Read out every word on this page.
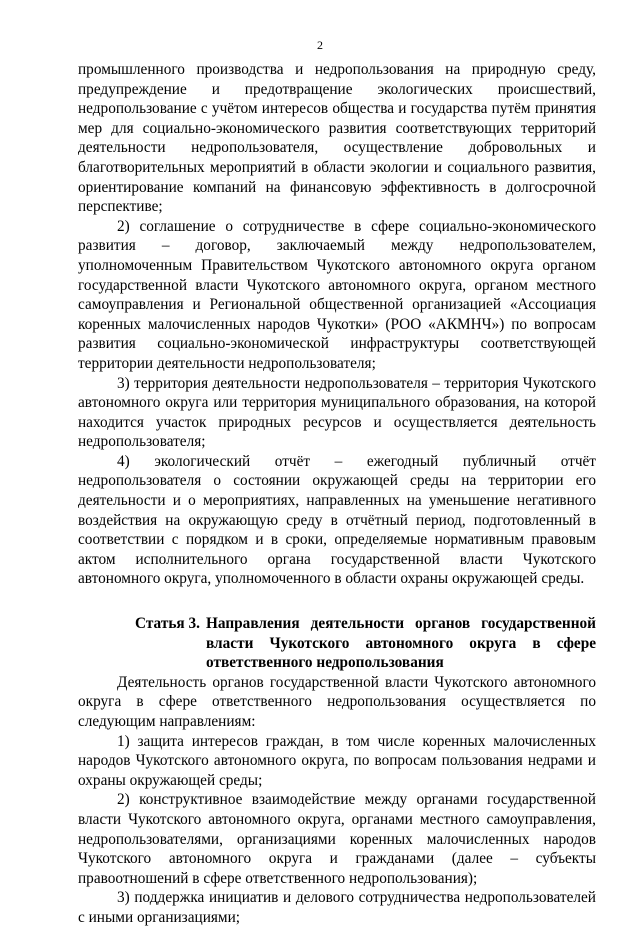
2

промышленного производства и недропользования на природную среду, предупреждение и предотвращение экологических происшествий, недропользование с учётом интересов общества и государства путём принятия мер для социально-экономического развития соответствующих территорий деятельности недропользователя, осуществление добровольных и благотворительных мероприятий в области экологии и социального развития, ориентирование компаний на финансовую эффективность в долгосрочной перспективе;

2) соглашение о сотрудничестве в сфере социально-экономического развития – договор, заключаемый между недропользователем, уполномоченным Правительством Чукотского автономного округа органом государственной власти Чукотского автономного округа, органом местного самоуправления и Региональной общественной организацией «Ассоциация коренных малочисленных народов Чукотки» (РОО «АКМНЧ») по вопросам развития социально-экономической инфраструктуры соответствующей территории деятельности недропользователя;

3) территория деятельности недропользователя – территория Чукотского автономного округа или территория муниципального образования, на которой находится участок природных ресурсов и осуществляется деятельность недропользователя;

4) экологический отчёт – ежегодный публичный отчёт недропользователя о состоянии окружающей среды на территории его деятельности и о мероприятиях, направленных на уменьшение негативного воздействия на окружающую среду в отчётный период, подготовленный в соответствии с порядком и в сроки, определяемые нормативным правовым актом исполнительного органа государственной власти Чукотского автономного округа, уполномоченного в области охраны окружающей среды.

Статья 3. Направления деятельности органов государственной власти Чукотского автономного округа в сфере ответственного недропользования

Деятельность органов государственной власти Чукотского автономного округа в сфере ответственного недропользования осуществляется по следующим направлениям:

1) защита интересов граждан, в том числе коренных малочисленных народов Чукотского автономного округа, по вопросам пользования недрами и охраны окружающей среды;

2) конструктивное взаимодействие между органами государственной власти Чукотского автономного округа, органами местного самоуправления, недропользователями, организациями коренных малочисленных народов Чукотского автономного округа и гражданами (далее – субъекты правоотношений в сфере ответственного недропользования);

3) поддержка инициатив и делового сотрудничества недропользователей с иными организациями;
